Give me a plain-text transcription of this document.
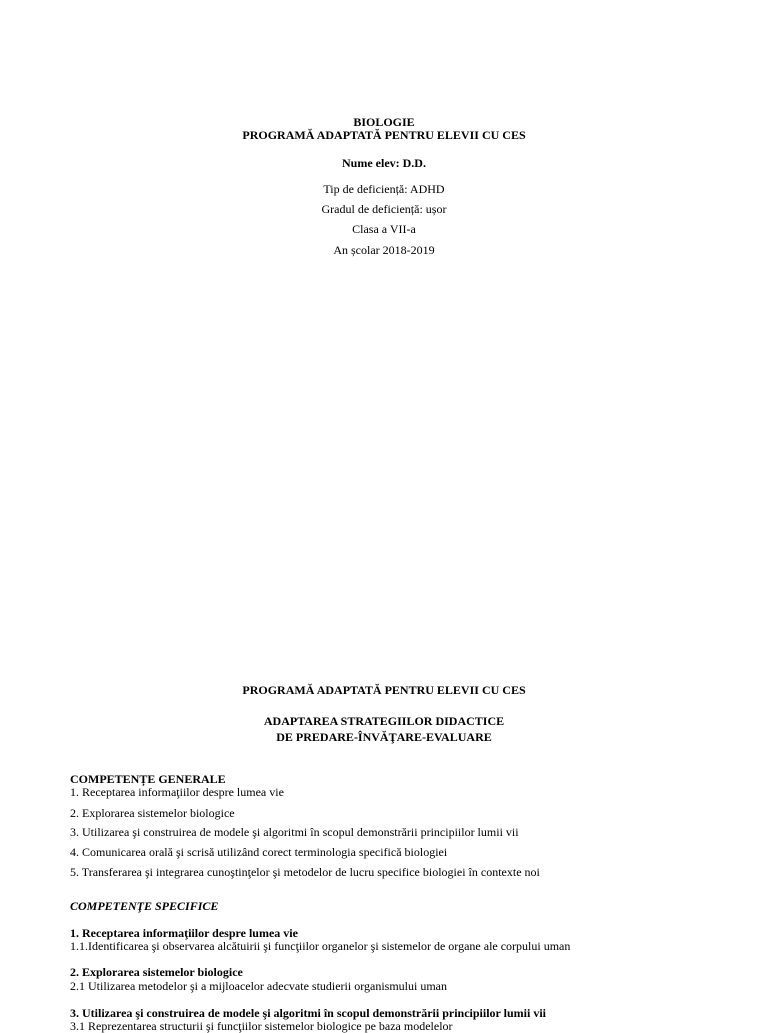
BIOLOGIE
PROGRAMĂ ADAPTATĂ PENTRU ELEVII CU CES
Nume elev: D.D.
Tip de deficiență: ADHD
Gradul de deficiență: ușor
Clasa a VII-a
An școlar 2018-2019
PROGRAMĂ ADAPTATĂ PENTRU ELEVII CU CES
ADAPTAREA STRATEGIILOR DIDACTICE
DE PREDARE-ÎNVĂŢARE-EVALUARE
COMPETENȚE GENERALE
1. Receptarea informaţiilor despre lumea vie
2. Explorarea sistemelor biologice
3. Utilizarea şi construirea de modele şi algoritmi în scopul demonstrării principiilor lumii vii
4. Comunicarea orală şi scrisă utilizând corect terminologia specifică biologiei
5. Transferarea şi integrarea cunoştinţelor şi metodelor de lucru specifice biologiei în contexte noi
COMPETENŢE SPECIFICE
1. Receptarea informaţiilor despre lumea vie
1.1.Identificarea şi observarea alcătuirii şi funcţiilor organelor şi sistemelor de organe ale corpului uman
2. Explorarea sistemelor biologice
2.1 Utilizarea metodelor şi a mijloacelor adecvate studierii organismului uman
3. Utilizarea şi construirea de modele şi algoritmi în scopul demonstrării principiilor lumii vii
3.1 Reprezentarea structurii şi funcţiilor sistemelor biologice pe baza modelelor
